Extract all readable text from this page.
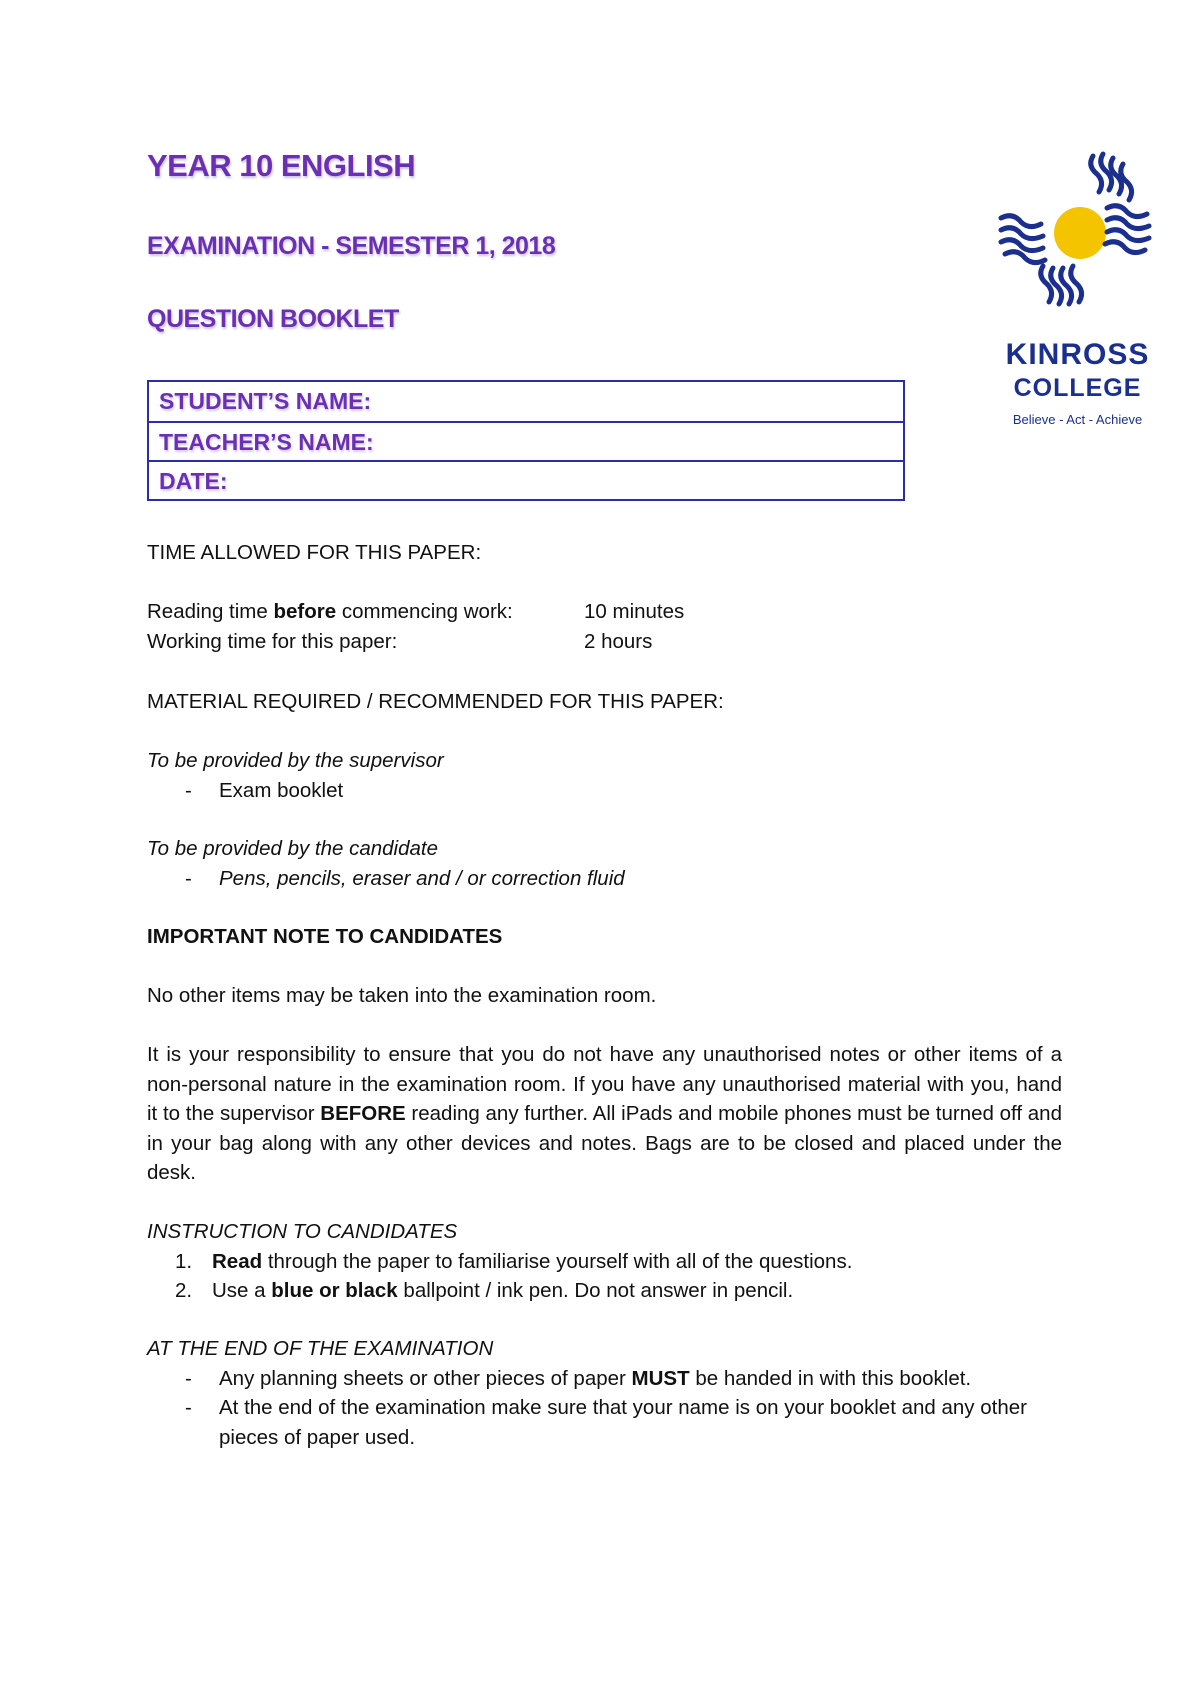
YEAR 10 ENGLISH
EXAMINATION - SEMESTER 1, 2018
QUESTION BOOKLET

KINROSS

COLLEGE

Believe - Act - Achieve

STUDENT’S NAME:
TEACHER’S NAME:
DATE:
TIME ALLOWED FOR THIS PAPER:
Reading time before commencing work:	10 minutes
Working time for this paper:	2 hours
MATERIAL REQUIRED / RECOMMENDED FOR THIS PAPER:

To be provided by the supervisor

- Exam booklet

To be provided by the candidate

- Pens, pencils, eraser and / or correction fluid
IMPORTANT NOTE TO CANDIDATES
No other items may be taken into the examination room.
It is your responsibility to ensure that you do not have any unauthorised notes or other items of a non-personal nature in the examination room. If you have any unauthorised material with you, hand it to the supervisor BEFORE reading any further. All iPads and mobile phones must be turned off and in your bag along with any other devices and notes. Bags are to be closed and placed under the desk.

INSTRUCTION TO CANDIDATES

1. Read through the paper to familiarise yourself with all of the questions.
2. Use a blue or black ballpoint / ink pen. Do not answer in pencil.

AT THE END OF THE EXAMINATION

- Any planning sheets or other pieces of paper MUST be handed in with this booklet.
- At the end of the examination make sure that your name is on your booklet and any other pieces of paper used.
